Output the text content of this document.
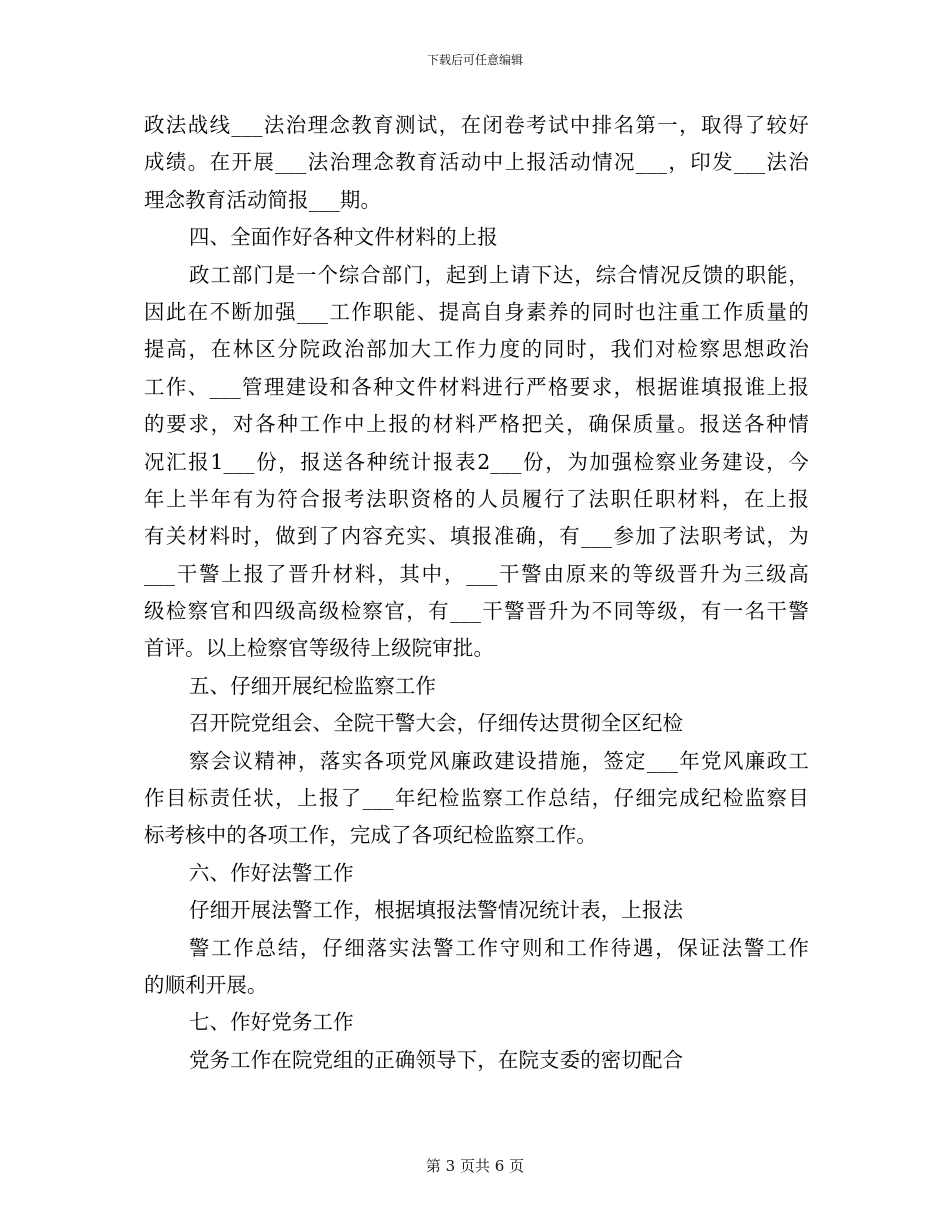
下载后可任意编辑
政法战线___法治理念教育测试，在闭卷考试中排名第一，取得了较好
成绩。在开展___法治理念教育活动中上报活动情况___，印发___法治
理念教育活动简报___期。
四、全面作好各种文件材料的上报
政工部门是一个综合部门，起到上请下达，综合情况反馈的职能，
因此在不断加强___工作职能、提高自身素养的同时也注重工作质量的
提高，在林区分院政治部加大工作力度的同时，我们对检察思想政治
工作、___管理建设和各种文件材料进行严格要求，根据谁填报谁上报
的要求，对各种工作中上报的材料严格把关，确保质量。报送各种情
况汇报1___份，报送各种统计报表2___份，为加强检察业务建设，今
年上半年有为符合报考法职资格的人员履行了法职任职材料，在上报
有关材料时，做到了内容充实、填报准确，有___参加了法职考试，为
___干警上报了晋升材料，其中，___干警由原来的等级晋升为三级高
级检察官和四级高级检察官，有___干警晋升为不同等级，有一名干警
首评。以上检察官等级待上级院审批。
五、仔细开展纪检监察工作
召开院党组会、全院干警大会，仔细传达贯彻全区纪检
察会议精神，落实各项党风廉政建设措施，签定___年党风廉政工
作目标责任状，上报了___年纪检监察工作总结，仔细完成纪检监察目
标考核中的各项工作，完成了各项纪检监察工作。
六、作好法警工作
仔细开展法警工作，根据填报法警情况统计表，上报法
警工作总结，仔细落实法警工作守则和工作待遇，保证法警工作
的顺利开展。
七、作好党务工作
党务工作在院党组的正确领导下，在院支委的密切配合
第 3 页共 6 页
